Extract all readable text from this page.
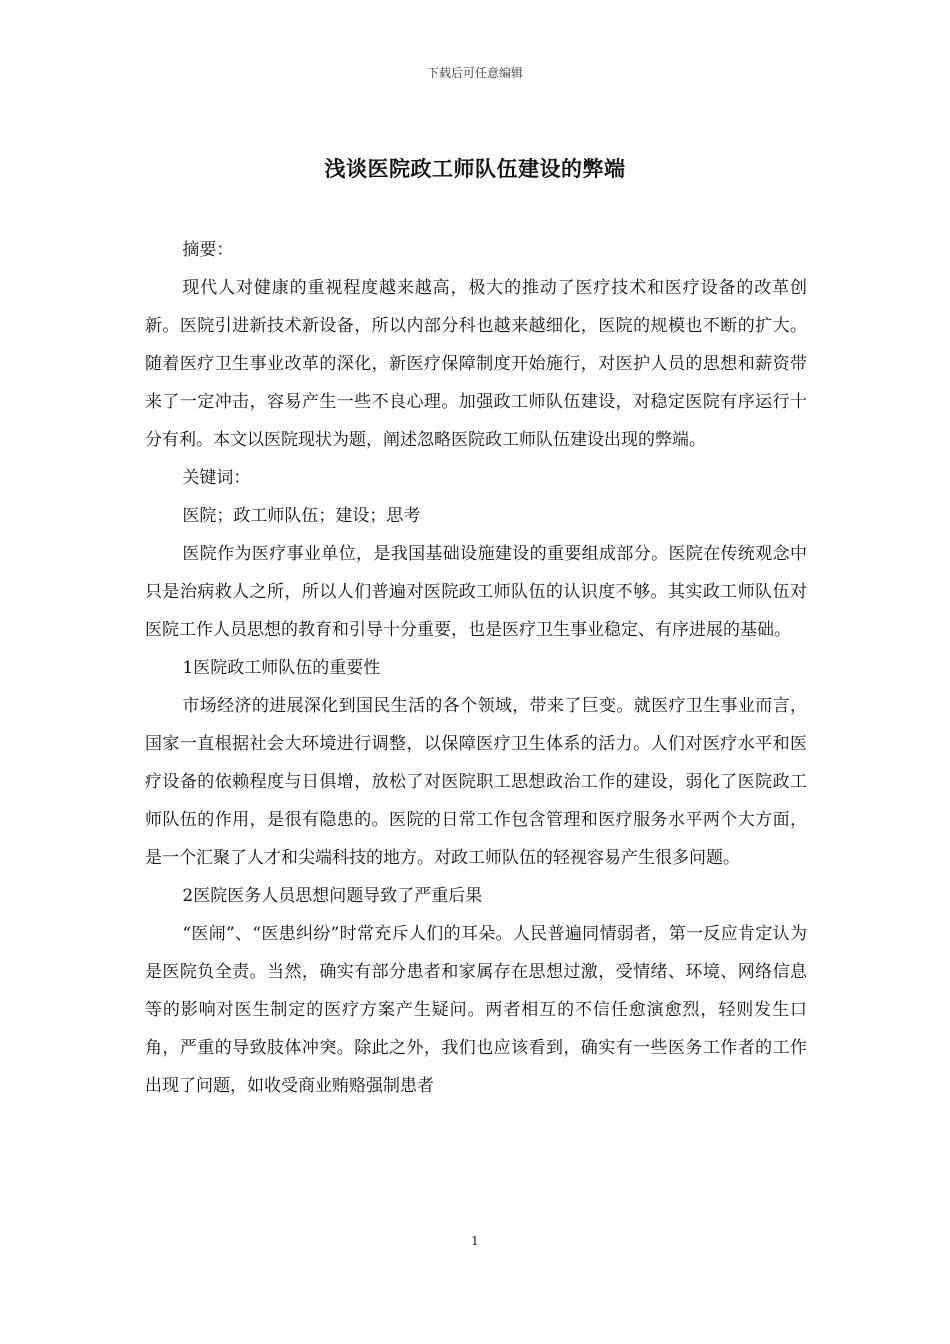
下载后可任意编辑
浅谈医院政工师队伍建设的弊端

摘要：

现代人对健康的重视程度越来越高，极大的推动了医疗技术和医疗设备的改革创新。医院引进新技术新设备，所以内部分科也越来越细化，医院的规模也不断的扩大。随着医疗卫生事业改革的深化，新医疗保障制度开始施行，对医护人员的思想和薪资带来了一定冲击，容易产生一些不良心理。加强政工师队伍建设，对稳定医院有序运行十分有利。本文以医院现状为题，阐述忽略医院政工师队伍建设出现的弊端。

关键词：

医院；政工师队伍；建设；思考

医院作为医疗事业单位，是我国基础设施建设的重要组成部分。医院在传统观念中只是治病救人之所，所以人们普遍对医院政工师队伍的认识度不够。其实政工师队伍对医院工作人员思想的教育和引导十分重要，也是医疗卫生事业稳定、有序进展的基础。

1医院政工师队伍的重要性

市场经济的进展深化到国民生活的各个领域，带来了巨变。就医疗卫生事业而言，国家一直根据社会大环境进行调整，以保障医疗卫生体系的活力。人们对医疗水平和医疗设备的依赖程度与日俱增，放松了对医院职工思想政治工作的建设，弱化了医院政工师队伍的作用，是很有隐患的。医院的日常工作包含管理和医疗服务水平两个大方面，是一个汇聚了人才和尖端科技的地方。对政工师队伍的轻视容易产生很多问题。

2医院医务人员思想问题导致了严重后果

“医闹”、“医患纠纷”时常充斥人们的耳朵。人民普遍同情弱者，第一反应肯定认为是医院负全责。当然，确实有部分患者和家属存在思想过激，受情绪、环境、网络信息等的影响对医生制定的医疗方案产生疑问。两者相互的不信任愈演愈烈，轻则发生口角，严重的导致肢体冲突。除此之外，我们也应该看到，确实有一些医务工作者的工作出现了问题，如收受商业贿赂强制患者

1
